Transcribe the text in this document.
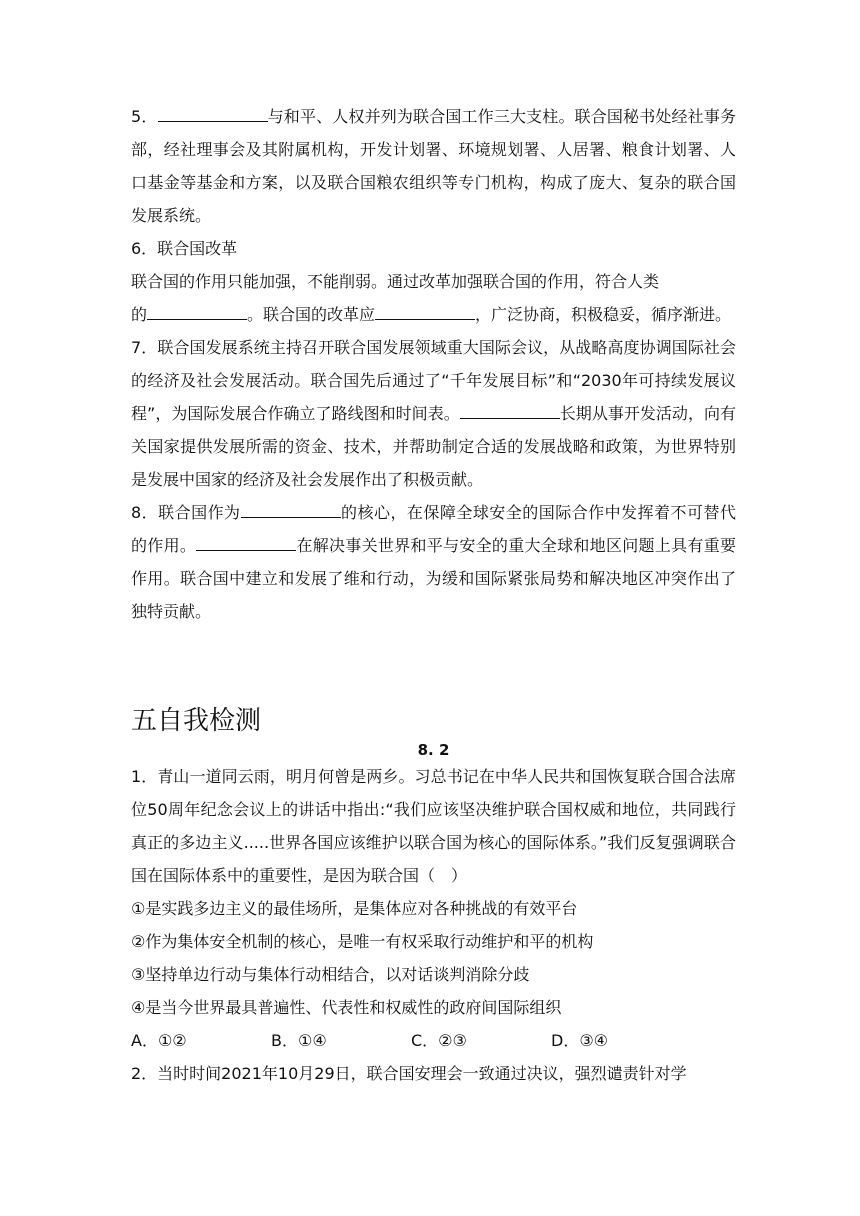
5．	与和平、人权并列为联合国工作三大支柱。联合国秘书处经社事务部，经社理事会及其附属机构，开发计划署、环境规划署、人居署、粮食计划署、人口基金等基金和方案，以及联合国粮农组织等专门机构，构成了庞大、复杂的联合国发展系统。

6．联合国改革

联合国的作用只能加强，不能削弱。通过改革加强联合国的作用，符合人类

的	。联合国的改革应	，广泛协商，积极稳妥，循序渐进。

7．联合国发展系统主持召开联合国发展领域重大国际会议，从战略高度协调国际社会的经济及社会发展活动。联合国先后通过了“千年发展目标”和“2030年可持续发展议程”，为国际发展合作确立了路线图和时间表。	长期从事开发活动，向有关国家提供发展所需的资金、技术，并帮助制定合适的发展战略和政策，为世界特别是发展中国家的经济及社会发展作出了积极贡献。

8．联合国作为	的核心，在保障全球安全的国际合作中发挥着不可替代的作用。	在解决事关世界和平与安全的重大全球和地区问题上具有重要作用。联合国中建立和发展了维和行动，为缓和国际紧张局势和解决地区冲突作出了独特贡献。

五自我检测

8. 2

1．青山一道同云雨，明月何曾是两乡。习总书记在中华人民共和国恢复联合国合法席位50周年纪念会议上的讲话中指出:“我们应该坚决维护联合国权威和地位，共同践行真正的多边主义.....世界各国应该维护以联合国为核心的国际体系。”我们反复强调联合国在国际体系中的重要性，是因为联合国（　）

①是实践多边主义的最佳场所，是集体应对各种挑战的有效平台

②作为集体安全机制的核心，是唯一有权采取行动维护和平的机构

③坚持单边行动与集体行动相结合，以对话谈判消除分歧

④是当今世界最具普遍性、代表性和权威性的政府间国际组织

A．①②	B．①④	C．②③	D．③④

2．当时时间2021年10月29日，联合国安理会一致通过决议，强烈谴责针对学
